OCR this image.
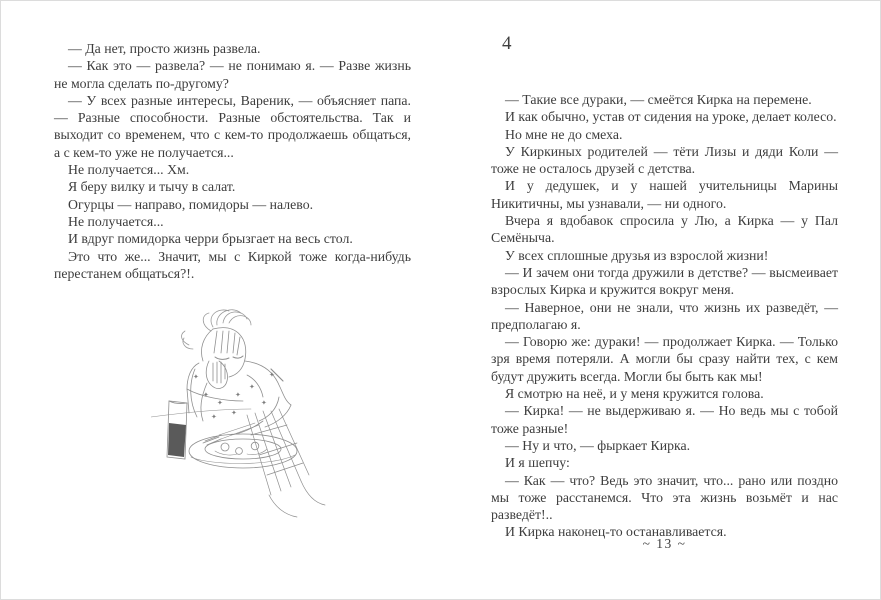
— Да нет, просто жизнь развела.

— Как это — развела? — не понимаю я. — Разве жизнь не могла сделать по-другому?

— У всех разные интересы, Вареник, — объясняет папа. — Разные способности. Разные обстоятельства. Так и выходит со временем, что с кем-то продолжаешь общаться, а с кем-то уже не получается...

Не получается... Хм.

Я беру вилку и тычу в салат.

Огурцы — направо, помидоры — налево.

Не получается...

И вдруг помидорка черри брызгает на весь стол.

Это что же... Значит, мы с Киркой тоже когда-нибудь перестанем общаться?!.

✦
✦
✦
✦
✦
✦
✦
✦
✦
4

— Такие все дураки, — смеётся Кирка на перемене.

И как обычно, устав от сидения на уроке, делает колесо.

Но мне не до смеха.

У Киркиных родителей — тёти Лизы и дяди Коли — тоже не осталось друзей с детства.

И у дедушек, и у нашей учительницы Марины Никитичны, мы узнавали, — ни одного.

Вчера я вдобавок спросила у Лю, а Кирка — у Пал Семёныча.

У всех сплошные друзья из взрослой жизни!

— И зачем они тогда дружили в детстве? — высмеивает взрослых Кирка и кружится вокруг меня.

— Наверное, они не знали, что жизнь их разведёт, — предполагаю я.

— Говорю же: дураки! — продолжает Кирка. — Только зря время потеряли. А могли бы сразу найти тех, с кем будут дружить всегда. Могли бы быть как мы!

Я смотрю на неё, и у меня кружится голова.

— Кирка! — не выдерживаю я. — Но ведь мы с тобой тоже разные!

— Ну и что, — фыркает Кирка.

И я шепчу:

— Как — что? Ведь это значит, что... рано или поздно мы тоже расстанемся. Что эта жизнь возьмёт и нас разведёт!..

И Кирка наконец-то останавливается.

~ 13 ~
